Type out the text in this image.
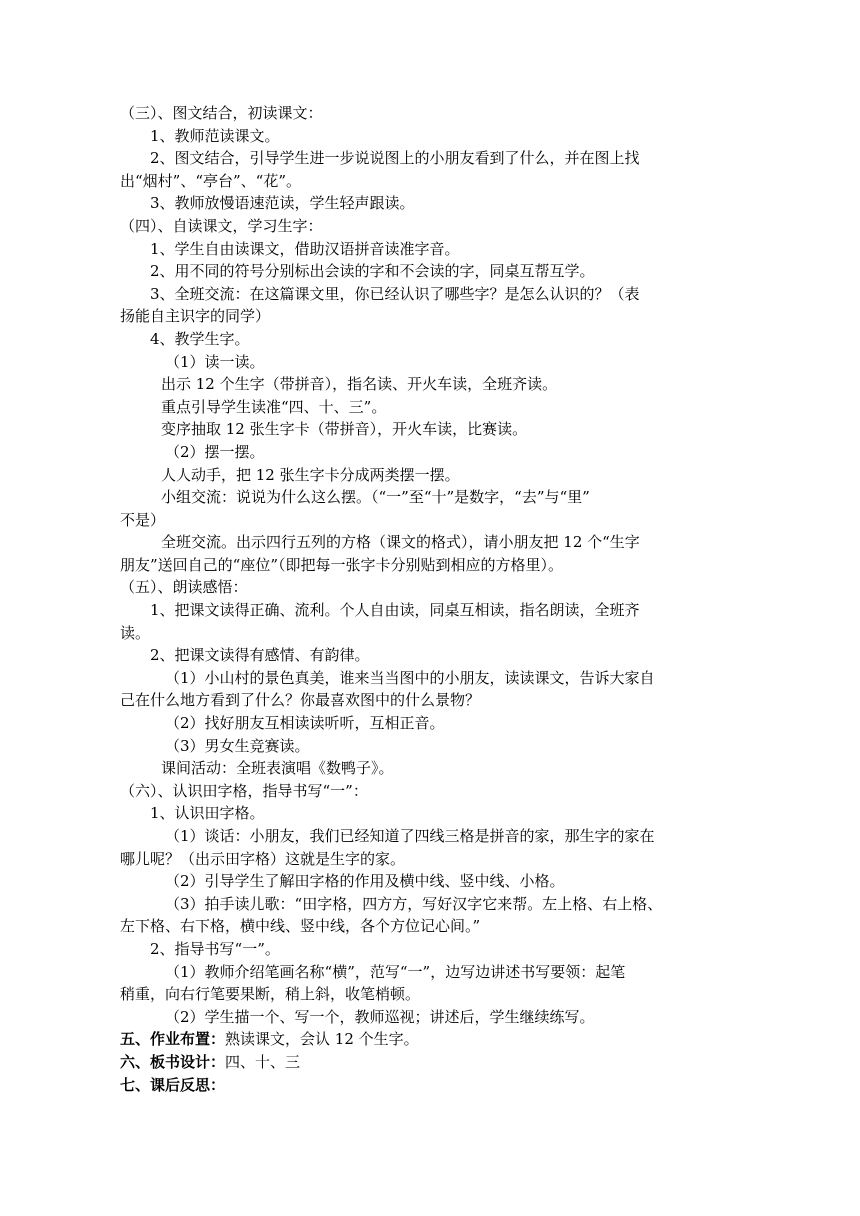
（三）、图文结合，初读课文：
1、教师范读课文。
2、图文结合，引导学生进一步说说图上的小朋友看到了什么，并在图上找
出“烟村”、“亭台”、“花”。
3、教师放慢语速范读，学生轻声跟读。
（四）、自读课文，学习生字：
1、学生自由读课文，借助汉语拼音读准字音。
2、用不同的符号分别标出会读的字和不会读的字，同桌互帮互学。
3、全班交流：在这篇课文里，你已经认识了哪些字？是怎么认识的？（表
扬能自主识字的同学）
4、教学生字。
（1）读一读。
出示 12 个生字（带拼音），指名读、开火车读，全班齐读。
重点引导学生读准“四、十、三”。
变序抽取 12 张生字卡（带拼音），开火车读，比赛读。
（2）摆一摆。
人人动手，把 12 张生字卡分成两类摆一摆。
小组交流：说说为什么这么摆。（“一”至“十”是数字，“去”与“里”
不是）
全班交流。出示四行五列的方格（课文的格式），请小朋友把 12 个“生字
朋友”送回自己的“座位”（即把每一张字卡分别贴到相应的方格里）。
（五）、朗读感悟：
1、把课文读得正确、流利。个人自由读，同桌互相读，指名朗读，全班齐
读。
2、把课文读得有感情、有韵律。
（1）小山村的景色真美，谁来当当图中的小朋友，读读课文，告诉大家自
己在什么地方看到了什么？你最喜欢图中的什么景物？
（2）找好朋友互相读读听听，互相正音。
（3）男女生竞赛读。
课间活动：全班表演唱《数鸭子》。
（六）、认识田字格，指导书写“一”：
1、认识田字格。
（1）谈话：小朋友，我们已经知道了四线三格是拼音的家，那生字的家在
哪儿呢？（出示田字格）这就是生字的家。
（2）引导学生了解田字格的作用及横中线、竖中线、小格。
（3）拍手读儿歌：“田字格，四方方，写好汉字它来帮。左上格、右上格、
左下格、右下格，横中线、竖中线，各个方位记心间。”
2、指导书写“一”。
（1）教师介绍笔画名称“横”，范写“一”，边写边讲述书写要领：起笔
稍重，向右行笔要果断，稍上斜，收笔梢顿。
（2）学生描一个、写一个，教师巡视；讲述后，学生继续练写。
五、作业布置：熟读课文，会认 12 个生字。
六、板书设计：四、十、三
七、课后反思：
